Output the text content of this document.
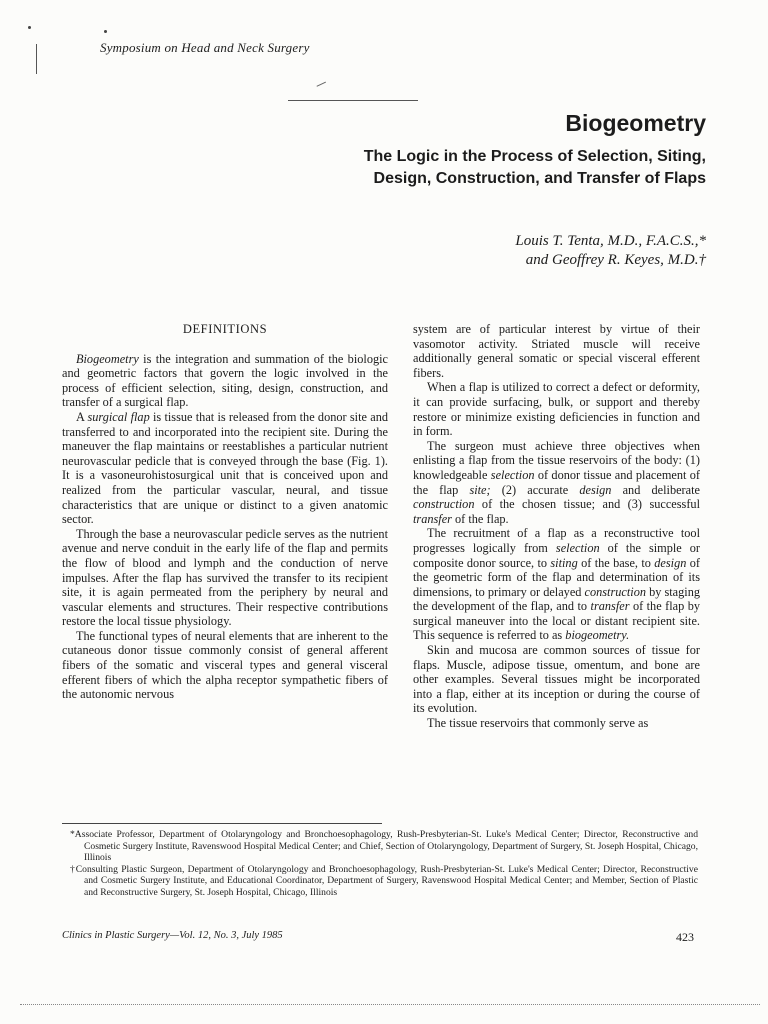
Symposium on Head and Neck Surgery
Biogeometry
The Logic in the Process of Selection, Siting,
Design, Construction, and Transfer of Flaps
Louis T. Tenta, M.D., F.A.C.S.,*
and Geoffrey R. Keyes, M.D.†
DEFINITIONS

Biogeometry is the integration and summation of the biologic and geometric factors that govern the logic involved in the process of efficient selection, siting, design, construction, and transfer of a surgical flap.

A surgical flap is tissue that is released from the donor site and transferred to and incorporated into the recipient site. During the maneuver the flap maintains or reestablishes a particular nutrient neurovascular pedicle that is conveyed through the base (Fig. 1). It is a vasoneurohistosurgical unit that is conceived upon and realized from the particular vascular, neural, and tissue characteristics that are unique or distinct to a given anatomic sector.

Through the base a neurovascular pedicle serves as the nutrient avenue and nerve conduit in the early life of the flap and permits the flow of blood and lymph and the conduction of nerve impulses. After the flap has survived the transfer to its recipient site, it is again permeated from the periphery by neural and vascular elements and structures. Their respective contributions restore the local tissue physiology.

The functional types of neural elements that are inherent to the cutaneous donor tissue commonly consist of general afferent fibers of the somatic and visceral types and general visceral efferent fibers of which the alpha receptor sympathetic fibers of the autonomic nervous

system are of particular interest by virtue of their vasomotor activity. Striated muscle will receive additionally general somatic or special visceral efferent fibers.

When a flap is utilized to correct a defect or deformity, it can provide surfacing, bulk, or support and thereby restore or minimize existing deficiencies in function and in form.

The surgeon must achieve three objectives when enlisting a flap from the tissue reservoirs of the body: (1) knowledgeable selection of donor tissue and placement of the flap site; (2) accurate design and deliberate construction of the chosen tissue; and (3) successful transfer of the flap.

The recruitment of a flap as a reconstructive tool progresses logically from selection of the simple or composite donor source, to siting of the base, to design of the geometric form of the flap and determination of its dimensions, to primary or delayed construction by staging the development of the flap, and to transfer of the flap by surgical maneuver into the local or distant recipient site. This sequence is referred to as biogeometry.

Skin and mucosa are common sources of tissue for flaps. Muscle, adipose tissue, omentum, and bone are other examples. Several tissues might be incorporated into a flap, either at its inception or during the course of its evolution.

The tissue reservoirs that commonly serve as

*Associate Professor, Department of Otolaryngology and Bronchoesophagology, Rush-Presbyterian-St. Luke's Medical Center; Director, Reconstructive and Cosmetic Surgery Institute, Ravenswood Hospital Medical Center; and Chief, Section of Otolaryngology, Department of Surgery, St. Joseph Hospital, Chicago, Illinois

†Consulting Plastic Surgeon, Department of Otolaryngology and Bronchoesophagology, Rush-Presbyterian-St. Luke's Medical Center; Director, Reconstructive and Cosmetic Surgery Institute, and Educational Coordinator, Department of Surgery, Ravenswood Hospital Medical Center; and Member, Section of Plastic and Reconstructive Surgery, St. Joseph Hospital, Chicago, Illinois

Clinics in Plastic Surgery—Vol. 12, No. 3, July 1985	423
